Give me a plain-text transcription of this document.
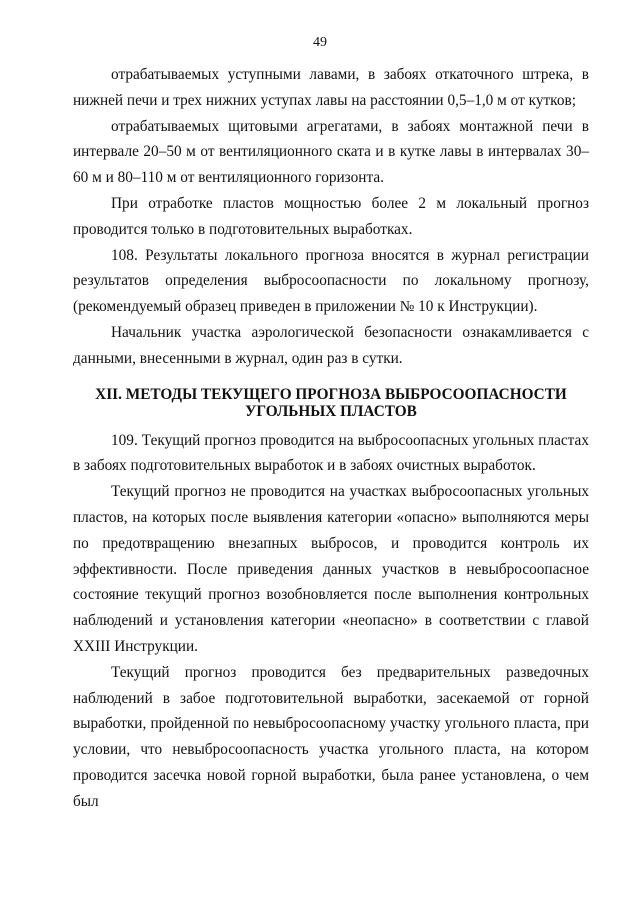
49

отрабатываемых уступными лавами, в забоях откаточного штрека, в нижней печи и трех нижних уступах лавы на расстоянии 0,5–1,0 м от кутков;

отрабатываемых щитовыми агрегатами, в забоях монтажной печи в интервале 20–50 м от вентиляционного ската и в кутке лавы в интервалах 30–60 м и 80–110 м от вентиляционного горизонта.

При отработке пластов мощностью более 2 м локальный прогноз проводится только в подготовительных выработках.

108. Результаты локального прогноза вносятся в журнал регистрации результатов определения выбросоопасности по локальному прогнозу, (рекомендуемый образец приведен в приложении № 10 к Инструкции).

Начальник участка аэрологической безопасности ознакамливается с данными, внесенными в журнал, один раз в сутки.

XII. МЕТОДЫ ТЕКУЩЕГО ПРОГНОЗА ВЫБРОСООПАСНОСТИ УГОЛЬНЫХ ПЛАСТОВ

109. Текущий прогноз проводится на выбросоопасных угольных пластах в забоях подготовительных выработок и в забоях очистных выработок.

Текущий прогноз не проводится на участках выбросоопасных угольных пластов, на которых после выявления категории «опасно» выполняются меры по предотвращению внезапных выбросов, и проводится контроль их эффективности. После приведения данных участков в невыбросоопасное состояние текущий прогноз возобновляется после выполнения контрольных наблюдений и установления категории «неопасно» в соответствии с главой XXIII Инструкции.

Текущий прогноз проводится без предварительных разведочных наблюдений в забое подготовительной выработки, засекаемой от горной выработки, пройденной по невыбросоопасному участку угольного пласта, при условии, что невыбросоопасность участка угольного пласта, на котором проводится засечка новой горной выработки, была ранее установлена, о чем был
